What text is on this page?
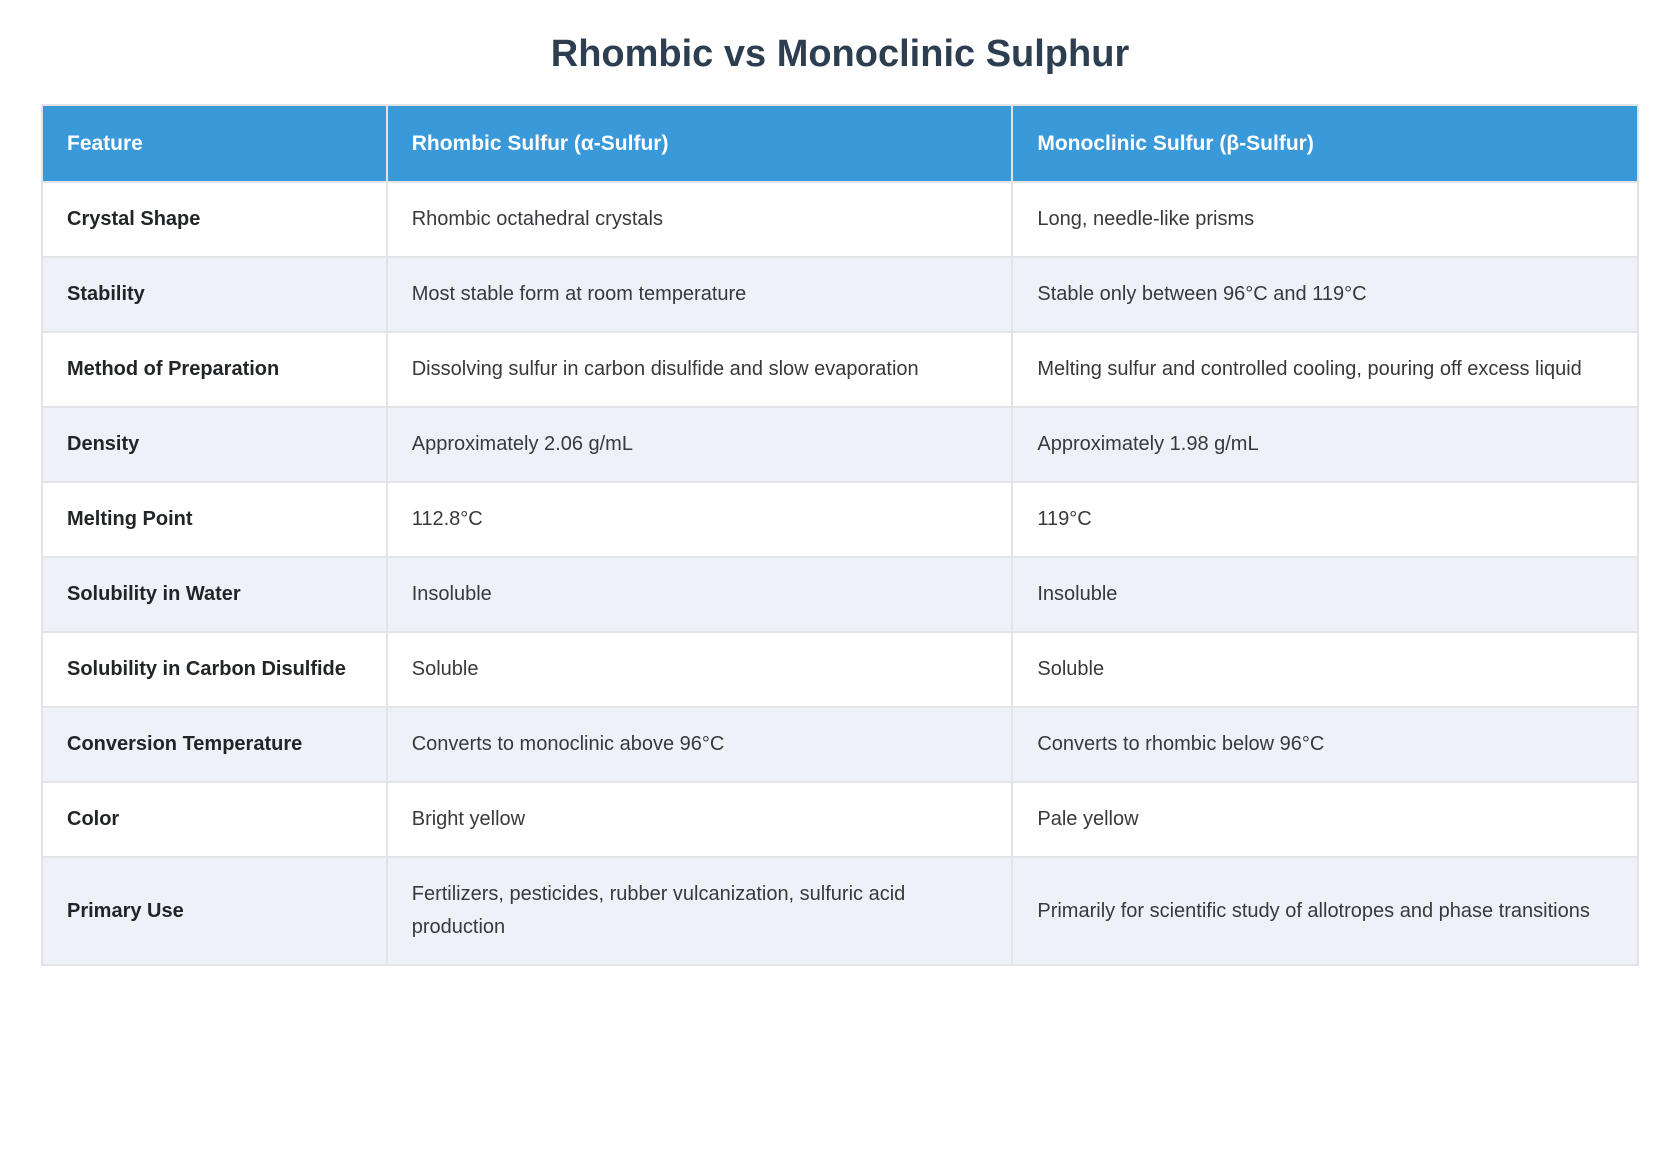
Rhombic vs Monoclinic Sulphur
Feature	Rhombic Sulfur (α-Sulfur)	Monoclinic Sulfur (β-Sulfur)
Crystal Shape	Rhombic octahedral crystals	Long, needle-like prisms
Stability	Most stable form at room temperature	Stable only between 96°C and 119°C
Method of Preparation	Dissolving sulfur in carbon disulfide and slow evaporation	Melting sulfur and controlled cooling, pouring off excess liquid
Density	Approximately 2.06 g/mL	Approximately 1.98 g/mL
Melting Point	112.8°C	119°C
Solubility in Water	Insoluble	Insoluble
Solubility in Carbon Disulfide	Soluble	Soluble
Conversion Temperature	Converts to monoclinic above 96°C	Converts to rhombic below 96°C
Color	Bright yellow	Pale yellow
Primary Use	Fertilizers, pesticides, rubber vulcanization, sulfuric acid production	Primarily for scientific study of allotropes and phase transitions
